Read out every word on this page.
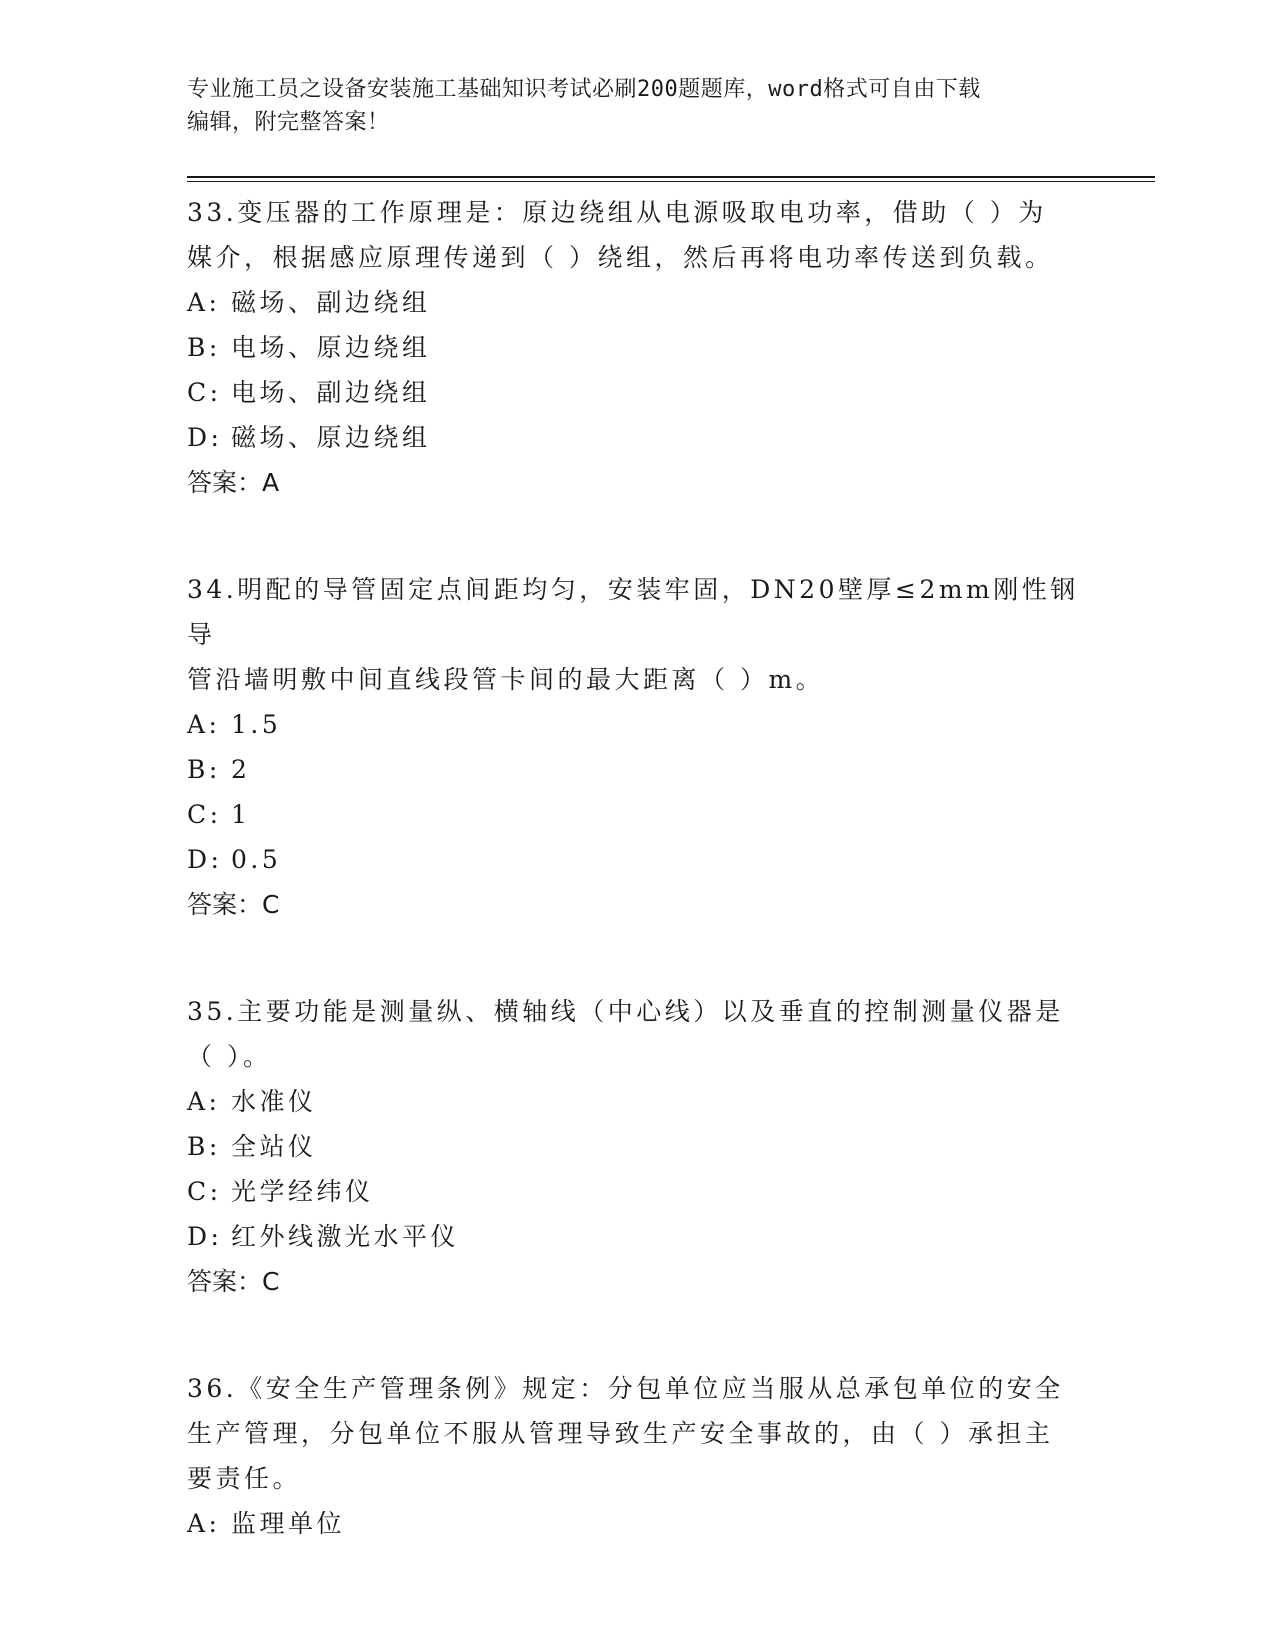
专业施工员之设备安装施工基础知识考试必刷200题题库，word格式可自由下载
编辑，附完整答案！

33.变压器的工作原理是：原边绕组从电源吸取电功率，借助（ ）为

媒介，根据感应原理传递到（ ）绕组，然后再将电功率传送到负载。

A: 磁场、副边绕组
B: 电场、原边绕组
C: 电场、副边绕组
D: 磁场、原边绕组

答案：A

34.明配的导管固定点间距均匀，安装牢固，DN20壁厚≤2mm刚性钢导

管沿墙明敷中间直线段管卡间的最大距离（ ）m。

A: 1.5
B: 2
C: 1
D: 0.5

答案：C

35.主要功能是测量纵、横轴线（中心线）以及垂直的控制测量仪器是

（ ）。

A: 水准仪
B: 全站仪
C: 光学经纬仪
D: 红外线激光水平仪

答案：C

36.《安全生产管理条例》规定：分包单位应当服从总承包单位的安全

生产管理，分包单位不服从管理导致生产安全事故的，由（ ）承担主

要责任。

A: 监理单位
